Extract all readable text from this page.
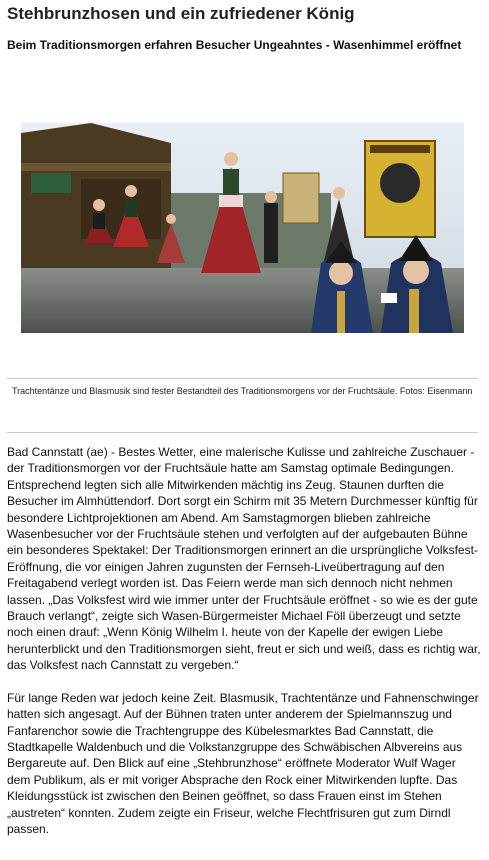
Stehbrunzhosen und ein zufriedener König
Beim Traditionsmorgen erfahren Besucher Ungeahntes - Wasenhimmel eröffnet

Trachtentänze und Blasmusik sind fester Bestandteil des Traditionsmorgens vor der Fruchtsäule. Fotos: Eisenmann

Bad Cannstatt (ae) - Bestes Wetter, eine malerische Kulisse und zahlreiche Zuschauer - der Traditionsmorgen vor der Fruchtsäule hatte am Samstag optimale Bedingungen. Entsprechend legten sich alle Mitwirkenden mächtig ins Zeug. Staunen durften die Besucher im Almhüttendorf. Dort sorgt ein Schirm mit 35 Metern Durchmesser künftig für besondere Lichtprojektionen am Abend. Am Samstagmorgen blieben zahlreiche Wasenbesucher vor der Fruchtsäule stehen und verfolgten auf der aufgebauten Bühne ein besonderes Spektakel: Der Traditionsmorgen erinnert an die ursprüngliche Volksfest-Eröffnung, die vor einigen Jahren zugunsten der Fernseh-Liveübertragung auf den Freitagabend verlegt worden ist. Das Feiern werde man sich dennoch nicht nehmen lassen. „Das Volksfest wird wie immer unter der Fruchtsäule eröffnet - so wie es der gute Brauch verlangt“, zeigte sich Wasen-Bürgermeister Michael Föll überzeugt und setzte noch einen drauf: „Wenn König Wilhelm I. heute von der Kapelle der ewigen Liebe herunterblickt und den Traditionsmorgen sieht, freut er sich und weiß, dass es richtig war, das Volksfest nach Cannstatt zu vergeben.“

Für lange Reden war jedoch keine Zeit. Blasmusik, Trachtentänze und Fahnenschwinger hatten sich angesagt. Auf der Bühnen traten unter anderem der Spielmannszug und Fanfarenchor sowie die Trachtengruppe des Kübelesmarktes Bad Cannstatt, die Stadtkapelle Waldenbuch und die Volkstanzgruppe des Schwäbischen Albvereins aus Bergareute auf. Den Blick auf eine „Stehbrunzhose“ eröffnete Moderator Wulf Wager dem Publikum, als er mit voriger Absprache den Rock einer Mitwirkenden lupfte. Das Kleidungsstück ist zwischen den Beinen geöffnet, so dass Frauen einst im Stehen „austreten“ konnten. Zudem zeigte ein Friseur, welche Flechtfrisuren gut zum Dirndl passen.
